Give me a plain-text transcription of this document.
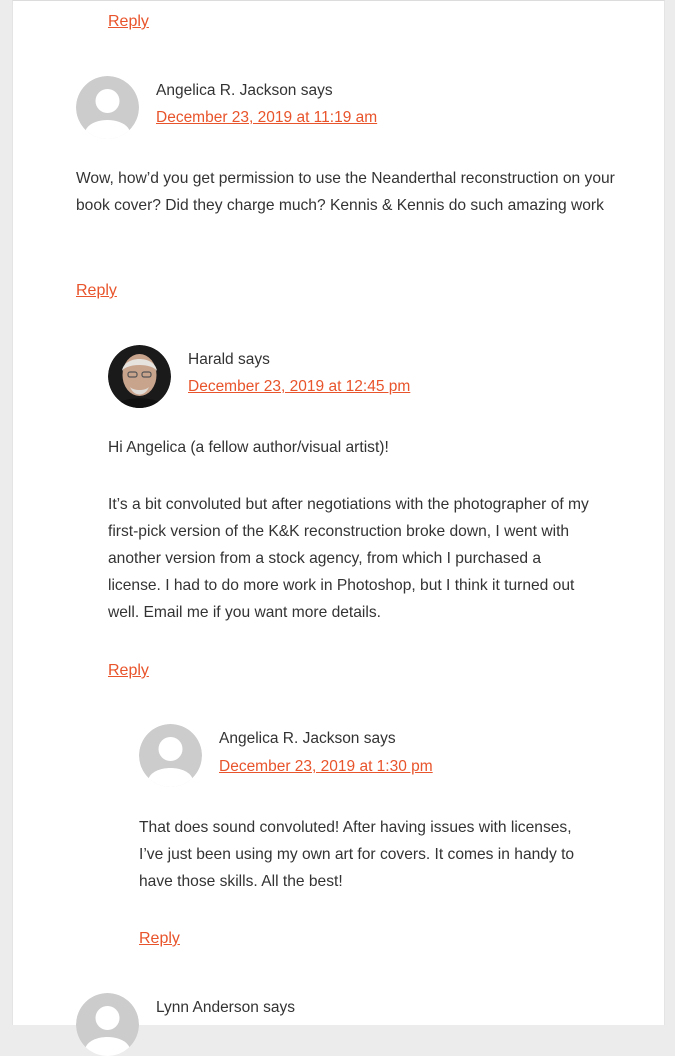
Reply
Angelica R. Jackson says
December 23, 2019 at 11:19 am

Wow, how’d you get permission to use the Neanderthal reconstruction on your book cover? Did they charge much? Kennis & Kennis do such amazing work

Reply
Harald says
December 23, 2019 at 12:45 pm

Hi Angelica (a fellow author/visual artist)!

It’s a bit convoluted but after negotiations with the photographer of my first-pick version of the K&K reconstruction broke down, I went with another version from a stock agency, from which I purchased a license. I had to do more work in Photoshop, but I think it turned out well. Email me if you want more details.

Reply
Angelica R. Jackson says
December 23, 2019 at 1:30 pm

That does sound convoluted! After having issues with licenses, I’ve just been using my own art for covers. It comes in handy to have those skills. All the best!

Reply
Lynn Anderson says
